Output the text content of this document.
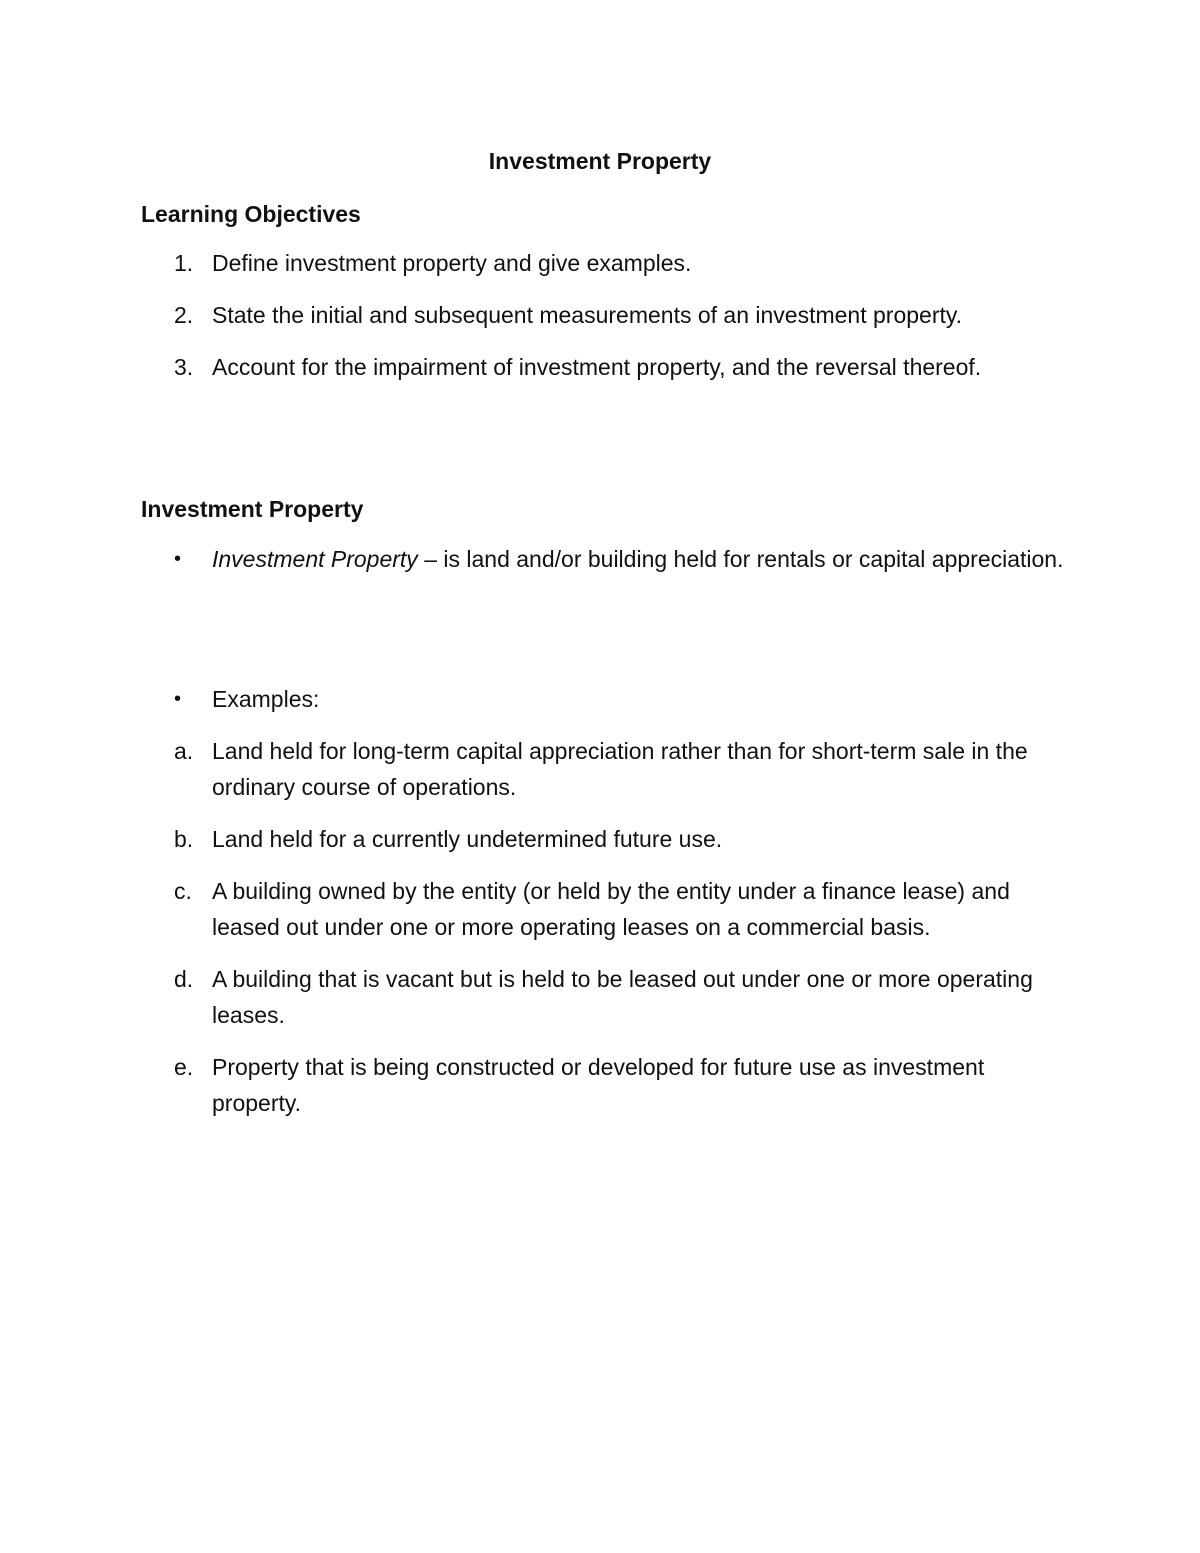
Investment Property
Learning Objectives
1. Define investment property and give examples.
2. State the initial and subsequent measurements of an investment property.
3. Account for the impairment of investment property, and the reversal thereof.
Investment Property
•	Investment Property – is land and/or building held for rentals or capital appreciation.
•	Examples:
a. Land held for long-term capital appreciation rather than for short-term sale in the ordinary course of operations.
b. Land held for a currently undetermined future use.
c. A building owned by the entity (or held by the entity under a finance lease) and leased out under one or more operating leases on a commercial basis.
d. A building that is vacant but is held to be leased out under one or more operating leases.
e. Property that is being constructed or developed for future use as investment property.
